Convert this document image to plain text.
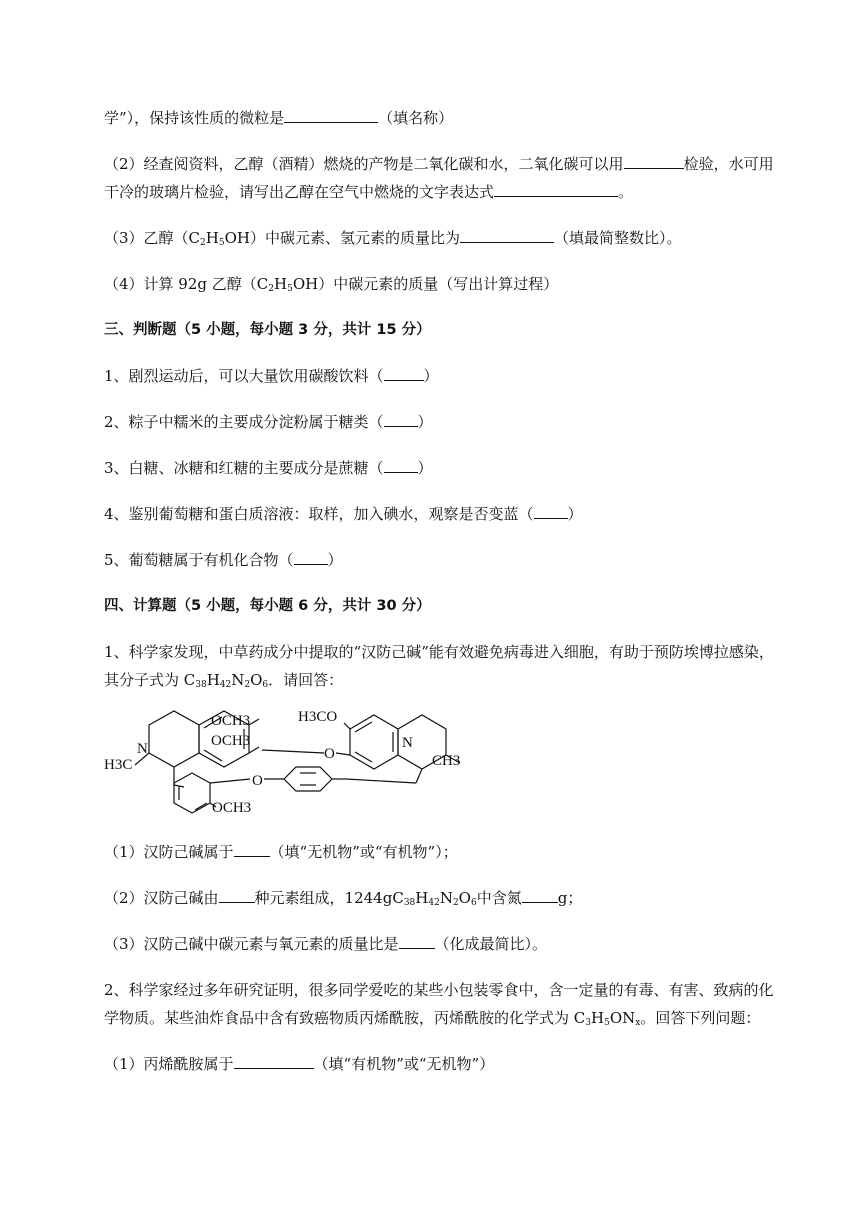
学”），保持该性质的微粒是	（填名称）
（2）经查阅资料，乙醇（酒精）燃烧的产物是二氧化碳和水，二氧化碳可以用	检验，水可用
干冷的玻璃片检验，请写出乙醇在空气中燃烧的文字表达式	。
（3）乙醇$(C_2H_5OH)$中碳元素、氢元素的质量比为	（填最简整数比）。
（4）计算 92g 乙醇$(C_2H_5OH)$中碳元素的质量（写出计算过程）
三、判断题（5 小题，每小题 3 分，共计 15 分）
1、剧烈运动后，可以大量饮用碳酸饮料（	）
2、粽子中糯米的主要成分淀粉属于糖类（ ）
3、白糖、冰糖和红糖的主要成分是蔗糖（ ）
4、鉴别葡萄糖和蛋白质溶液：取样，加入碘水，观察是否变蓝（ ）
5、葡萄糖属于有机化合物（ ）
四、计算题（5 小题，每小题 6 分，共计 30 分）
1、科学家发现，中草药成分中提取的“汉防己碱”能有效避免病毒进入细胞，有助于预防埃博拉感染，
其分子式为 $C_{38}H_{42}N_2O_6$．请回答：
OCH3
OCH3
H3CO
H3C	CH3
N	N
O
O
OCH3
（1）汉防己碱属于 （填“无机物”或“有机物”）；
（2）汉防己碱由 种元素组成，$1244gC_{38}H_{42}N_2O_6$中含氮 g；
（3）汉防己碱中碳元素与氧元素的质量比是 （化成最简比）。
2、科学家经过多年研究证明，很多同学爱吃的某些小包装零食中，含一定量的有毒、有害、致病的化
学物质。某些油炸食品中含有致癌物质丙烯酰胺，丙烯酰胺的化学式为 $C_3H_5ON_x$。回答下列问题：
（1）丙烯酰胺属于	（填“有机物”或“无机物”）
